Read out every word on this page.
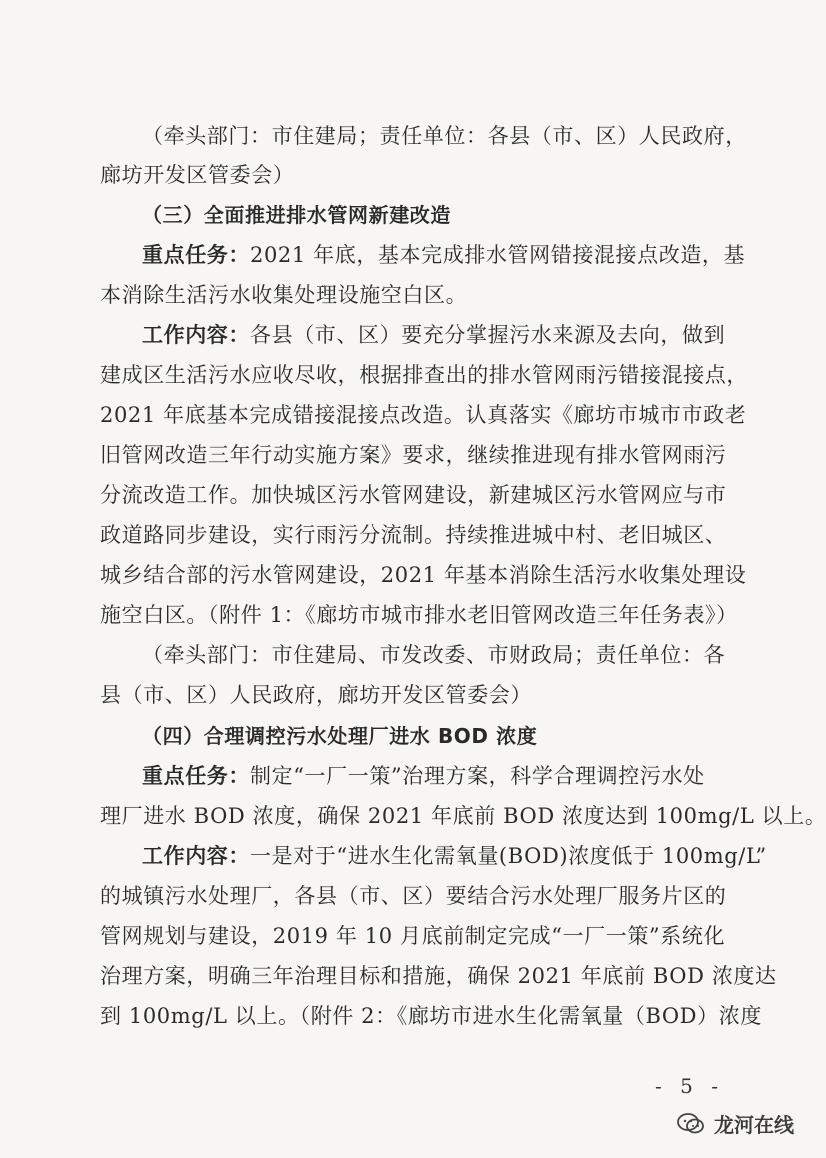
（牵头部门：市住建局；责任单位：各县（市、区）人民政府，
廊坊开发区管委会）
（三）全面推进排水管网新建改造
重点任务：2021 年底，基本完成排水管网错接混接点改造，基
本消除生活污水收集处理设施空白区。
工作内容：各县（市、区）要充分掌握污水来源及去向，做到
建成区生活污水应收尽收，根据排查出的排水管网雨污错接混接点，
2021 年底基本完成错接混接点改造。认真落实《廊坊市城市市政老
旧管网改造三年行动实施方案》要求，继续推进现有排水管网雨污
分流改造工作。加快城区污水管网建设，新建城区污水管网应与市
政道路同步建设，实行雨污分流制。持续推进城中村、老旧城区、
城乡结合部的污水管网建设，2021 年基本消除生活污水收集处理设
施空白区。（附件 1：《廊坊市城市排水老旧管网改造三年任务表》）
（牵头部门：市住建局、市发改委、市财政局；责任单位：各
县（市、区）人民政府，廊坊开发区管委会）
（四）合理调控污水处理厂进水 BOD 浓度
重点任务：制定“一厂一策”治理方案，科学合理调控污水处
理厂进水 BOD 浓度，确保 2021 年底前 BOD 浓度达到 100mg/L 以上。
工作内容：一是对于“进水生化需氧量(BOD)浓度低于 100mg/L”
的城镇污水处理厂，各县（市、区）要结合污水处理厂服务片区的
管网规划与建设，2019 年 10 月底前制定完成“一厂一策”系统化
治理方案，明确三年治理目标和措施，确保 2021 年底前 BOD 浓度达
到 100mg/L 以上。（附件 2：《廊坊市进水生化需氧量（BOD）浓度
- 5 -
龙河在线
